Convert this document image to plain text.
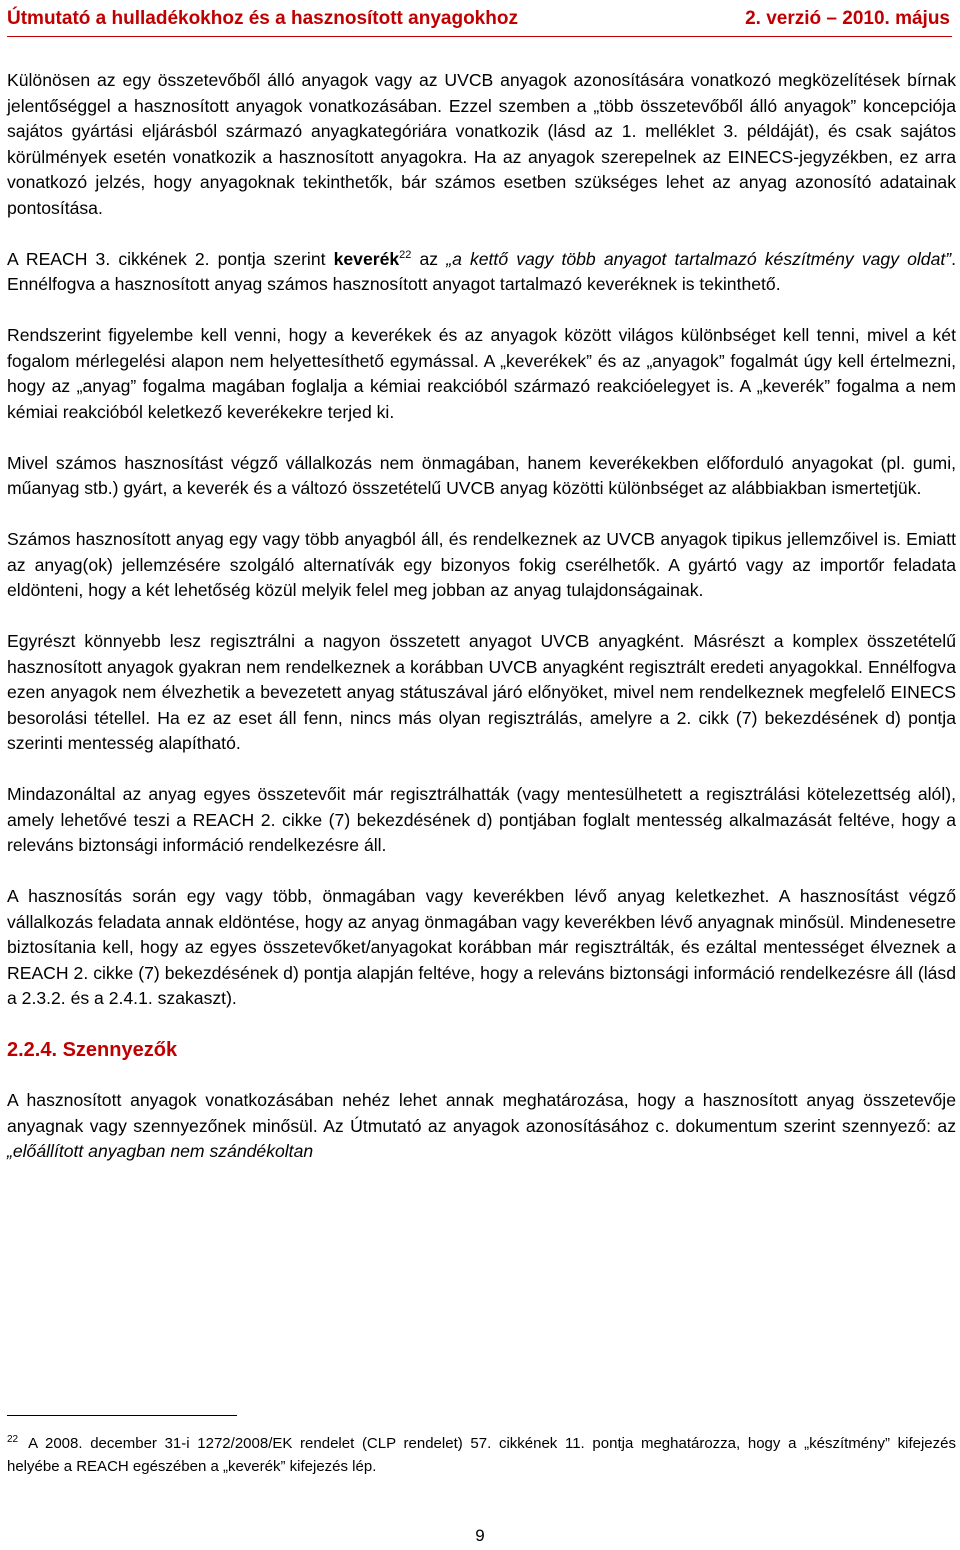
Útmutató a hulladékokhoz és a hasznosított anyagokhoz	2. verzió – 2010. május

Különösen az egy összetevőből álló anyagok vagy az UVCB anyagok azonosítására vonatkozó megközelítések bírnak jelentőséggel a hasznosított anyagok vonatkozásában. Ezzel szemben a „több összetevőből álló anyagok” koncepciója sajátos gyártási eljárásból származó anyagkategóriára vonatkozik (lásd az 1. melléklet 3. példáját), és csak sajátos körülmények esetén vonatkozik a hasznosított anyagokra. Ha az anyagok szerepelnek az EINECS-jegyzékben, ez arra vonatkozó jelzés, hogy anyagoknak tekinthetők, bár számos esetben szükséges lehet az anyag azonosító adatainak pontosítása.

A REACH 3. cikkének 2. pontja szerint keverék$^{22}$ az „a kettő vagy több anyagot tartalmazó készítmény vagy oldat”. Ennélfogva a hasznosított anyag számos hasznosított anyagot tartalmazó keveréknek is tekinthető.

Rendszerint figyelembe kell venni, hogy a keverékek és az anyagok között világos különbséget kell tenni, mivel a két fogalom mérlegelési alapon nem helyettesíthető egymással. A „keverékek” és az „anyagok” fogalmát úgy kell értelmezni, hogy az „anyag” fogalma magában foglalja a kémiai reakcióból származó reakcióelegyet is. A „keverék” fogalma a nem kémiai reakcióból keletkező keverékekre terjed ki.

Mivel számos hasznosítást végző vállalkozás nem önmagában, hanem keverékekben előforduló anyagokat (pl. gumi, műanyag stb.) gyárt, a keverék és a változó összetételű UVCB anyag közötti különbséget az alábbiakban ismertetjük.

Számos hasznosított anyag egy vagy több anyagból áll, és rendelkeznek az UVCB anyagok tipikus jellemzőivel is. Emiatt az anyag(ok) jellemzésére szolgáló alternatívák egy bizonyos fokig cserélhetők. A gyártó vagy az importőr feladata eldönteni, hogy a két lehetőség közül melyik felel meg jobban az anyag tulajdonságainak.

Egyrészt könnyebb lesz regisztrálni a nagyon összetett anyagot UVCB anyagként. Másrészt a komplex összetételű hasznosított anyagok gyakran nem rendelkeznek a korábban UVCB anyagként regisztrált eredeti anyagokkal. Ennélfogva ezen anyagok nem élvezhetik a bevezetett anyag státuszával járó előnyöket, mivel nem rendelkeznek megfelelő EINECS besorolási tétellel. Ha ez az eset áll fenn, nincs más olyan regisztrálás, amelyre a 2. cikk (7) bekezdésének d) pontja szerinti mentesség alapítható.

Mindazonáltal az anyag egyes összetevőit már regisztrálhatták (vagy mentesülhetett a regisztrálási kötelezettség alól), amely lehetővé teszi a REACH 2. cikke (7) bekezdésének d) pontjában foglalt mentesség alkalmazását feltéve, hogy a releváns biztonsági információ rendelkezésre áll.

A hasznosítás során egy vagy több, önmagában vagy keverékben lévő anyag keletkezhet. A hasznosítást végző vállalkozás feladata annak eldöntése, hogy az anyag önmagában vagy keverékben lévő anyagnak minősül. Mindenesetre biztosítania kell, hogy az egyes összetevőket/anyagokat korábban már regisztrálták, és ezáltal mentességet élveznek a REACH 2. cikke (7) bekezdésének d) pontja alapján feltéve, hogy a releváns biztonsági információ rendelkezésre áll (lásd a 2.3.2. és a 2.4.1. szakaszt).

2.2.4. Szennyezők

A hasznosított anyagok vonatkozásában nehéz lehet annak meghatározása, hogy a hasznosított anyag összetevője anyagnak vagy szennyezőnek minősül. Az Útmutató az anyagok azonosításához c. dokumentum szerint szennyező: az „előállított anyagban nem szándékoltan

$^{22}$ A 2008. december 31-i 1272/2008/EK rendelet (CLP rendelet) 57. cikkének 11. pontja meghatározza, hogy a „készítmény” kifejezés helyébe a REACH egészében a „keverék” kifejezés lép.
9
